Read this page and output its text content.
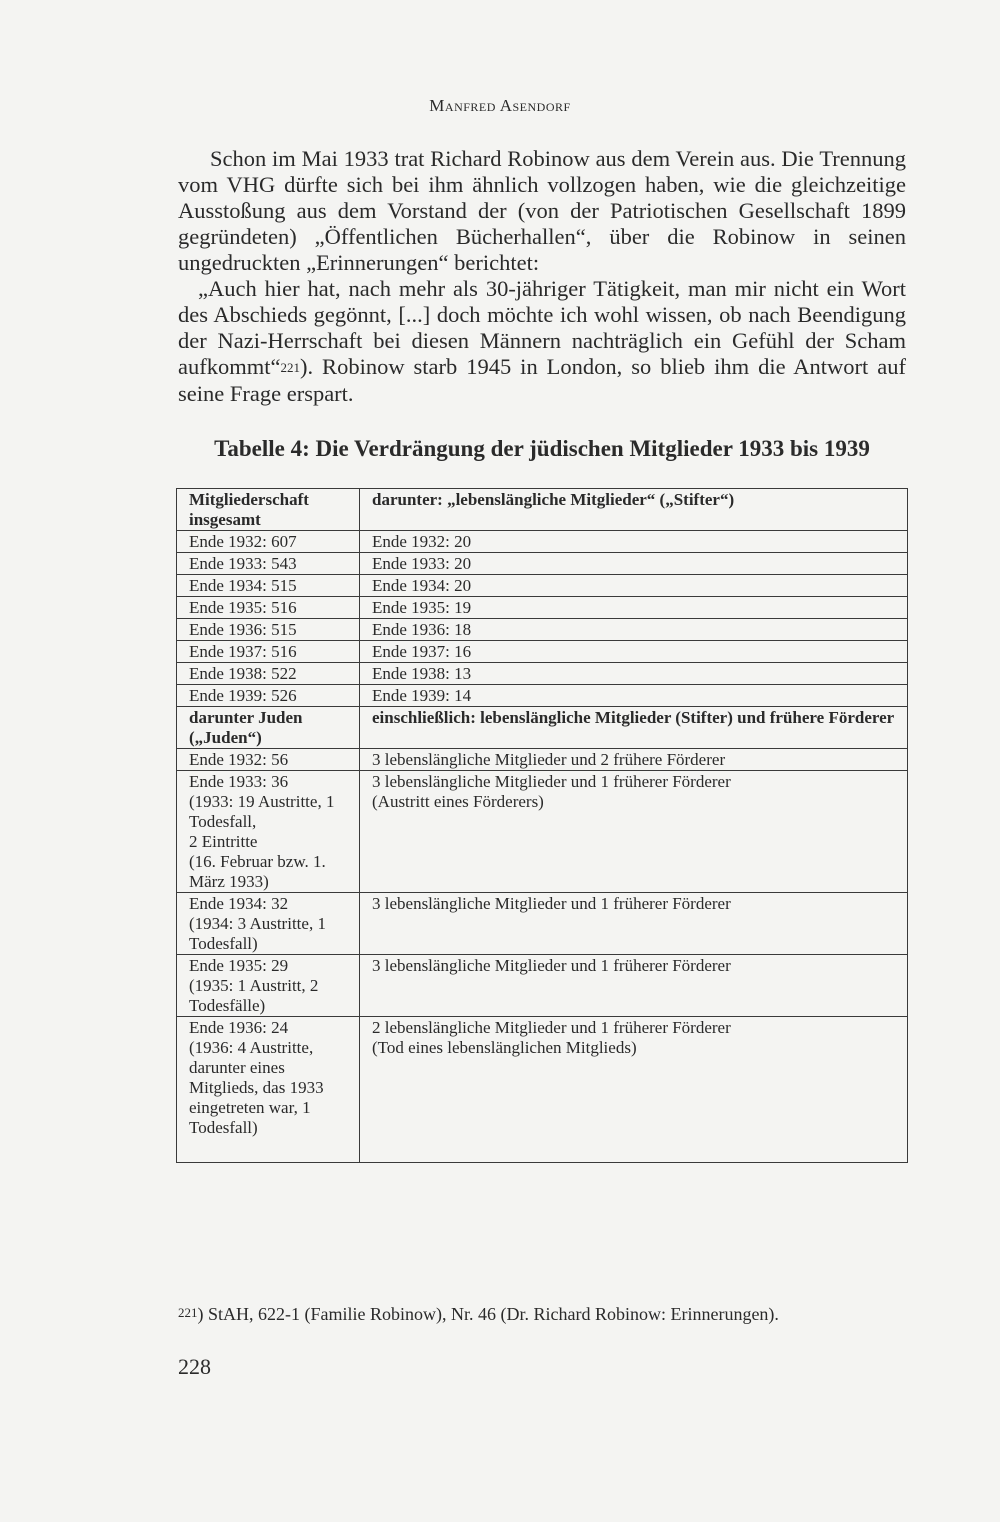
Manfred Asendorf

Schon im Mai 1933 trat Richard Robinow aus dem Verein aus. Die Trennung vom VHG dürfte sich bei ihm ähnlich vollzogen haben, wie die gleichzeitige Ausstoßung aus dem Vorstand der (von der Patriotischen Gesellschaft 1899 gegründeten) „Öffentlichen Bücherhallen“, über die Robinow in seinen ungedruckten „Erinnerungen“ berichtet:

„Auch hier hat, nach mehr als 30-jähriger Tätigkeit, man mir nicht ein Wort des Abschieds gegönnt, [...] doch möchte ich wohl wissen, ob nach Beendigung der Nazi-Herrschaft bei diesen Männern nachträglich ein Gefühl der Scham aufkommt“221). Robinow starb 1945 in London, so blieb ihm die Antwort auf seine Frage erspart.

Tabelle 4: Die Verdrängung der jüdischen Mitglieder 1933 bis 1939
Mitgliederschaft insgesamt	darunter: „lebenslängliche Mitglieder“ („Stifter“)
Ende 1932: 607	Ende 1932: 20
Ende 1933: 543	Ende 1933: 20
Ende 1934: 515	Ende 1934: 20
Ende 1935: 516	Ende 1935: 19
Ende 1936: 515	Ende 1936: 18
Ende 1937: 516	Ende 1937: 16
Ende 1938: 522	Ende 1938: 13
Ende 1939: 526	Ende 1939: 14
darunter Juden („Juden“)	einschließlich: lebenslängliche Mitglieder (Stifter) und frühere Förderer
Ende 1932: 56	3 lebenslängliche Mitglieder und 2 frühere Förderer
Ende 1933: 36
(1933: 19 Austritte, 1 Todesfall,
2 Eintritte
(16. Februar bzw. 1. März 1933)	3 lebenslängliche Mitglieder und 1 früherer Förderer
(Austritt eines Förderers)
Ende 1934: 32
(1934: 3 Austritte, 1 Todesfall)	3 lebenslängliche Mitglieder und 1 früherer Förderer
Ende 1935: 29
(1935: 1 Austritt, 2 Todesfälle)	3 lebenslängliche Mitglieder und 1 früherer Förderer
Ende 1936: 24
(1936: 4 Austritte, darunter eines Mitglieds, das 1933 eingetreten war, 1 Todesfall)	2 lebenslängliche Mitglieder und 1 früherer Förderer
(Tod eines lebenslänglichen Mitglieds)
221) StAH, 622-1 (Familie Robinow), Nr. 46 (Dr. Richard Robinow: Erinnerungen).
228
